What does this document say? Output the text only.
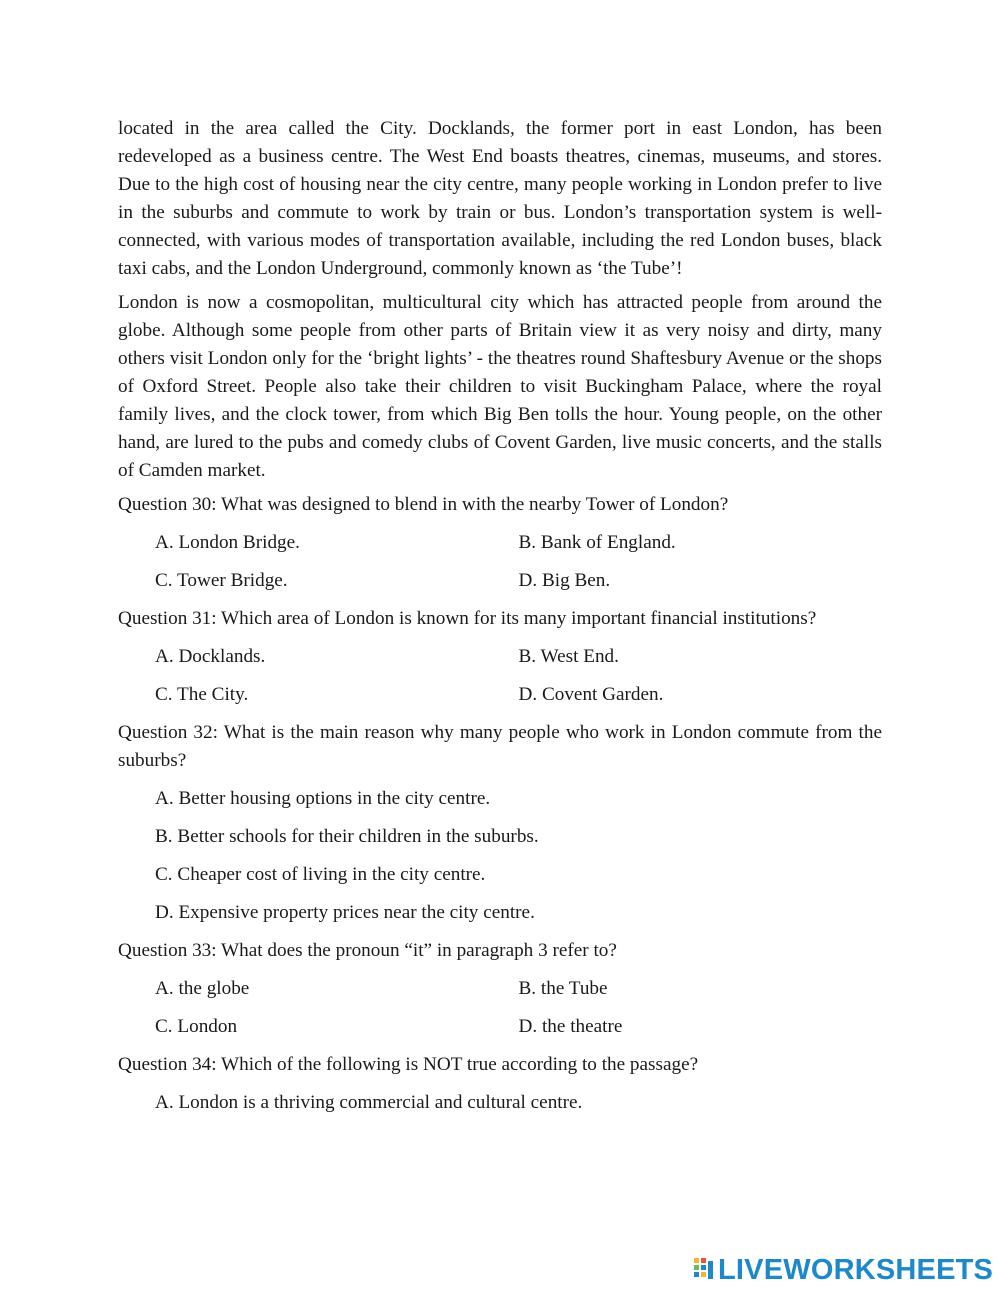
located in the area called the City. Docklands, the former port in east London, has been redeveloped as a business centre. The West End boasts theatres, cinemas, museums, and stores. Due to the high cost of housing near the city centre, many people working in London prefer to live in the suburbs and commute to work by train or bus. London’s transportation system is well-connected, with various modes of transportation available, including the red London buses, black taxi cabs, and the London Underground, commonly known as ‘the Tube’!

London is now a cosmopolitan, multicultural city which has attracted people from around the globe. Although some people from other parts of Britain view it as very noisy and dirty, many others visit London only for the ‘bright lights’ - the theatres round Shaftesbury Avenue or the shops of Oxford Street. People also take their children to visit Buckingham Palace, where the royal family lives, and the clock tower, from which Big Ben tolls the hour. Young people, on the other hand, are lured to the pubs and comedy clubs of Covent Garden, live music concerts, and the stalls of Camden market.

Question 30: What was designed to blend in with the nearby Tower of London?
A. London Bridge.	B. Bank of England.
C. Tower Bridge.	D. Big Ben.
Question 31: Which area of London is known for its many important financial institutions?
A. Docklands.	B. West End.
C. The City.	D. Covent Garden.
Question 32: What is the main reason why many people who work in London commute from the suburbs?
A. Better housing options in the city centre.
B. Better schools for their children in the suburbs.
C. Cheaper cost of living in the city centre.
D. Expensive property prices near the city centre.
Question 33: What does the pronoun “it” in paragraph 3 refer to?
A. the globe	B. the Tube
C. London	D. the theatre
Question 34: Which of the following is NOT true according to the passage?
A. London is a thriving commercial and cultural centre.
LIVEWORKSHEETS
